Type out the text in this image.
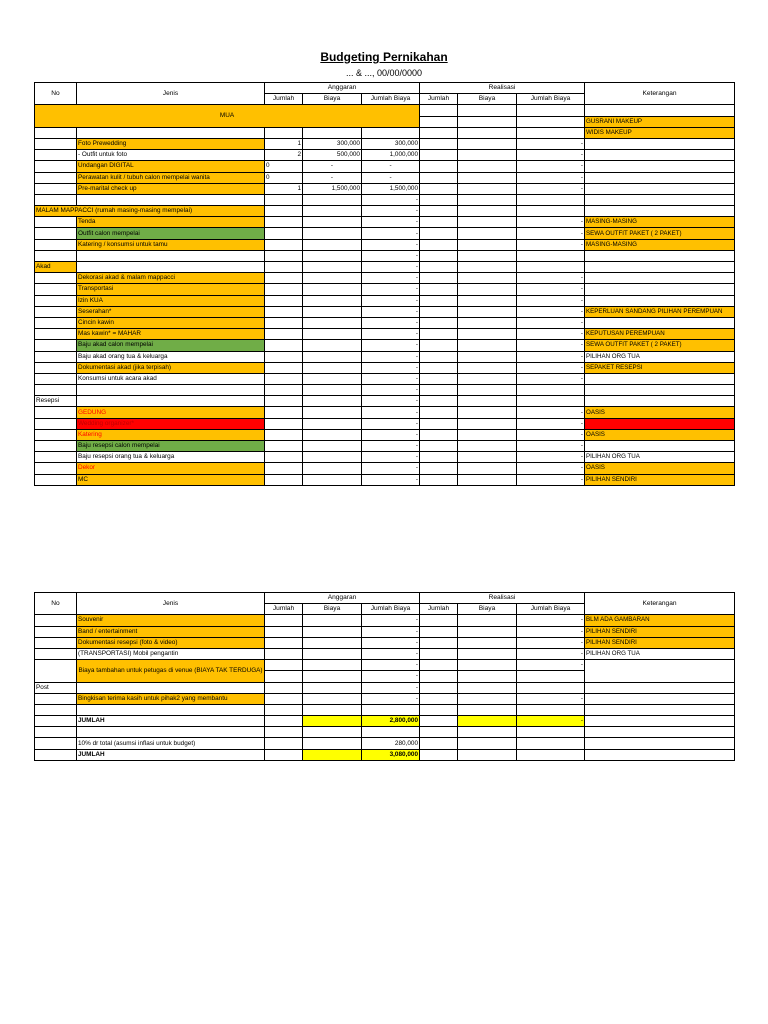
Budgeting Pernikahan
... & ..., 00/00/0000
No	Jenis	Anggaran			Realisasi			Keterangan
		Jumlah	Biaya	Jumlah Biaya	Jumlah	Biaya	Jumlah Biaya	
MUA								
								GUSRANI MAKEUP
								WIDIS MAKEUP
	Foto Prewedding	1	300,000	300,000			-	
	- Outfit untuk foto	2	500,000	1,000,000			-	
	Undangan DIGITAL	0	-	-			-	
	Perawatan kulit / tubuh calon mempelai wanita	0	-	-			-	
	Pre-marital check up	1	1,500,000	1,500,000			-	
				-				
MALAM MAPPACCI (rumah masing-masing mempelai)				-				
	Tenda			-			-	MASING-MASING
	Outfit calon mempelai			-			-	SEWA OUTFIT PAKET ( 2 PAKET)
	Katering / konsumsi untuk tamu			-			-	MASING-MASING
				-				
Akad				-				
	Dekorasi akad & malam mappacci			-			-	
	Transportasi			-			-	
	Izin KUA			-			-	
	Seserahan*			-			-	KEPERLUAN SANDANG PILIHAN PEREMPUAN
	Cincin kawin			-			-	
	Mas kawin* = MAHAR			-			-	KEPUTUSAN PEREMPUAN
	Baju akad calon mempelai			-			-	SEWA OUTFIT PAKET ( 2 PAKET)
	Baju akad orang tua & keluarga			-			-	PILIHAN ORG TUA
	Dokumentasi akad (jika terpisah)			-			-	SEPAKET RESEPSI
	Konsumsi untuk acara akad			-			-	
				-				
Resepsi				-				
	GEDUNG			-			-	OASIS
	Wedding organizer*			-			-	
	Katering			-			-	OASIS
	Baju resepsi calon mempelai			-			-	
	Baju resepsi orang tua & keluarga			-			-	PILIHAN ORG TUA
	Dekor			-			-	OASIS
	MC			-			-	PILIHAN SENDIRI
No	Jenis	Anggaran			Realisasi			Keterangan
		Jumlah	Biaya	Jumlah Biaya	Jumlah	Biaya	Jumlah Biaya	
	Souvenir			-			-	BLM ADA GAMBARAN
	Band / entertainment			-			-	PILIHAN SENDIRI
	Dokumentasi resepsi (foto & video)			-			-	PILIHAN SENDIRI
	(TRANSPORTASI) Mobil pengantin			-			-	PILIHAN ORG TUA
	Biaya tambahan untuk petugas di venue (BIAYA TAK TERDUGA)			-			-	
				-				
Post				-				
	Bingkisan terima kasih untuk pihak2 yang membantu			-			-	

	JUMLAH			2,800,000			-	

	10% dr total (asumsi inflasi untuk budget)			280,000				
	JUMLAH			3,080,000				
